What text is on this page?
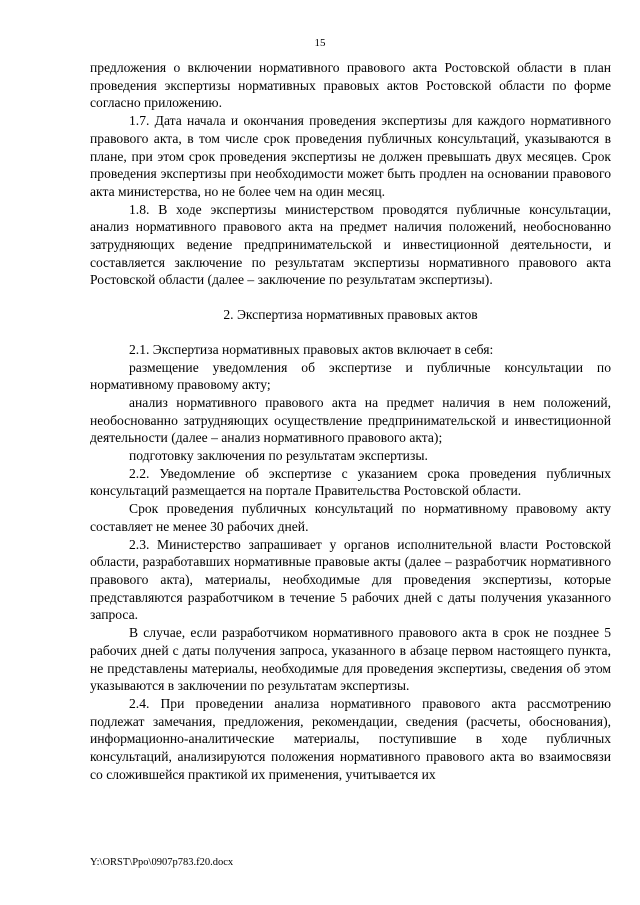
15

предложения о включении нормативного правового акта Ростовской области в план проведения экспертизы нормативных правовых актов Ростовской области по форме согласно приложению.

1.7. Дата начала и окончания проведения экспертизы для каждого нормативного правового акта, в том числе срок проведения публичных консультаций, указываются в плане, при этом срок проведения экспертизы не должен превышать двух месяцев. Срок проведения экспертизы при необходимости может быть продлен на основании правового акта министерства, но не более чем на один месяц.

1.8. В ходе экспертизы министерством проводятся публичные консультации, анализ нормативного правового акта на предмет наличия положений, необоснованно затрудняющих ведение предпринимательской и инвестиционной деятельности, и составляется заключение по результатам экспертизы нормативного правового акта Ростовской области (далее – заключение по результатам экспертизы).

2. Экспертиза нормативных правовых актов

2.1. Экспертиза нормативных правовых актов включает в себя:

размещение уведомления об экспертизе и публичные консультации по нормативному правовому акту;

анализ нормативного правового акта на предмет наличия в нем положений, необоснованно затрудняющих осуществление предпринимательской и инвестиционной деятельности (далее – анализ нормативного правового акта);

подготовку заключения по результатам экспертизы.

2.2. Уведомление об экспертизе с указанием срока проведения публичных консультаций размещается на портале Правительства Ростовской области.

Срок проведения публичных консультаций по нормативному правовому акту составляет не менее 30 рабочих дней.

2.3. Министерство запрашивает у органов исполнительной власти Ростовской области, разработавших нормативные правовые акты (далее – разработчик нормативного правового акта), материалы, необходимые для проведения экспертизы, которые представляются разработчиком в течение 5 рабочих дней с даты получения указанного запроса.

В случае, если разработчиком нормативного правового акта в срок не позднее 5 рабочих дней с даты получения запроса, указанного в абзаце первом настоящего пункта, не представлены материалы, необходимые для проведения экспертизы, сведения об этом указываются в заключении по результатам экспертизы.

2.4. При проведении анализа нормативного правового акта рассмотрению подлежат замечания, предложения, рекомендации, сведения (расчеты, обоснования), информационно-аналитические материалы, поступившие в ходе публичных консультаций, анализируются положения нормативного правового акта во взаимосвязи со сложившейся практикой их применения, учитывается их

Y:\ORST\Ppo\0907p783.f20.docx
